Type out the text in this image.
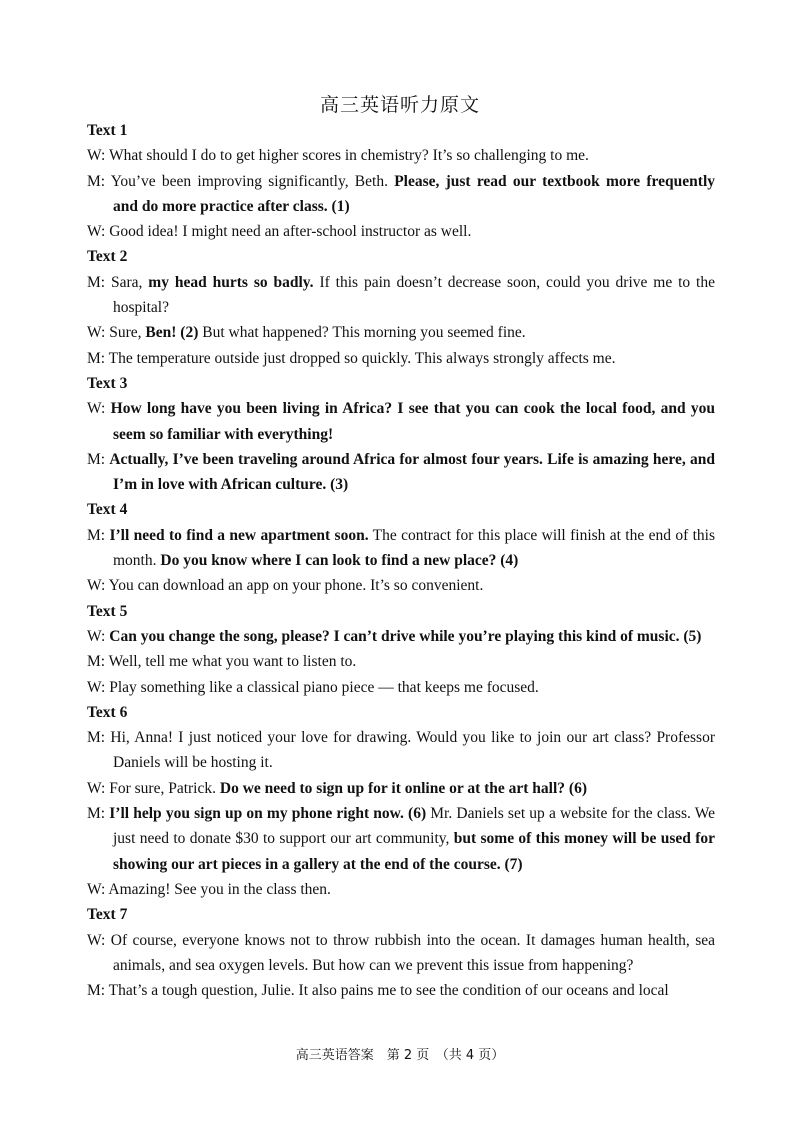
高三英语听力原文
Text 1
W: What should I do to get higher scores in chemistry? It’s so challenging to me.
M: You’ve been improving significantly, Beth. Please, just read our textbook more frequently and do more practice after class. (1)
W: Good idea! I might need an after-school instructor as well.
Text 2
M: Sara, my head hurts so badly. If this pain doesn’t decrease soon, could you drive me to the hospital?
W: Sure, Ben! (2) But what happened? This morning you seemed fine.
M: The temperature outside just dropped so quickly. This always strongly affects me.
Text 3
W: How long have you been living in Africa? I see that you can cook the local food, and you seem so familiar with everything!
M: Actually, I’ve been traveling around Africa for almost four years. Life is amazing here, and I’m in love with African culture. (3)
Text 4
M: I’ll need to find a new apartment soon. The contract for this place will finish at the end of this month. Do you know where I can look to find a new place? (4)
W: You can download an app on your phone. It’s so convenient.
Text 5
W: Can you change the song, please? I can’t drive while you’re playing this kind of music. (5)
M: Well, tell me what you want to listen to.
W: Play something like a classical piano piece — that keeps me focused.
Text 6
M: Hi, Anna! I just noticed your love for drawing. Would you like to join our art class? Professor Daniels will be hosting it.
W: For sure, Patrick. Do we need to sign up for it online or at the art hall? (6)
M: I’ll help you sign up on my phone right now. (6) Mr. Daniels set up a website for the class. We just need to donate $30 to support our art community, but some of this money will be used for showing our art pieces in a gallery at the end of the course. (7)
W: Amazing! See you in the class then.
Text 7
W: Of course, everyone knows not to throw rubbish into the ocean. It damages human health, sea animals, and sea oxygen levels. But how can we prevent this issue from happening?
M: That’s a tough question, Julie. It also pains me to see the condition of our oceans and local
高三英语答案　第 2 页　（共 4 页）
